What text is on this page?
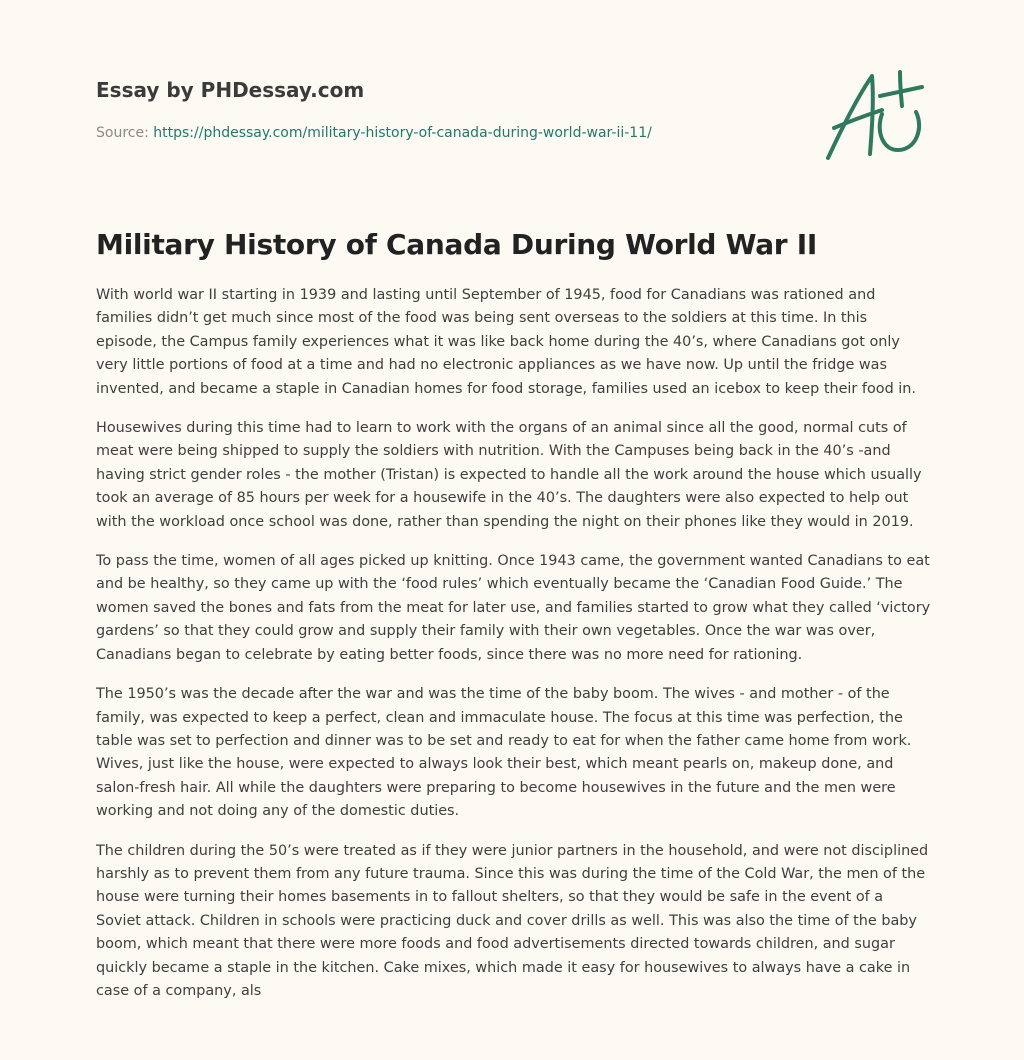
Essay by PHDessay.com
Source: https://phdessay.com/military-history-of-canada-during-world-war-ii-11/
Military History of Canada During World War II

With world war II starting in 1939 and lasting until September of 1945, food for Canadians was rationed and families didn’t get much since most of the food was being sent overseas to the soldiers at this time. In this episode, the Campus family experiences what it was like back home during the 40’s, where Canadians got only very little portions of food at a time and had no electronic appliances as we have now. Up until the fridge was invented, and became a staple in Canadian homes for food storage, families used an icebox to keep their food in.

Housewives during this time had to learn to work with the organs of an animal since all the good, normal cuts of meat were being shipped to supply the soldiers with nutrition. With the Campuses being back in the 40’s -and having strict gender roles - the mother (Tristan) is expected to handle all the work around the house which usually took an average of 85 hours per week for a housewife in the 40’s. The daughters were also expected to help out with the workload once school was done, rather than spending the night on their phones like they would in 2019.

To pass the time, women of all ages picked up knitting. Once 1943 came, the government wanted Canadians to eat and be healthy, so they came up with the ‘food rules’ which eventually became the ‘Canadian Food Guide.’ The women saved the bones and fats from the meat for later use, and families started to grow what they called ‘victory gardens’ so that they could grow and supply their family with their own vegetables. Once the war was over, Canadians began to celebrate by eating better foods, since there was no more need for rationing.

The 1950’s was the decade after the war and was the time of the baby boom. The wives - and mother - of the family, was expected to keep a perfect, clean and immaculate house. The focus at this time was perfection, the table was set to perfection and dinner was to be set and ready to eat for when the father came home from work. Wives, just like the house, were expected to always look their best, which meant pearls on, makeup done, and salon-fresh hair. All while the daughters were preparing to become housewives in the future and the men were working and not doing any of the domestic duties.

The children during the 50’s were treated as if they were junior partners in the household, and were not disciplined harshly as to prevent them from any future trauma. Since this was during the time of the Cold War, the men of the house were turning their homes basements in to fallout shelters, so that they would be safe in the event of a Soviet attack. Children in schools were practicing duck and cover drills as well. This was also the time of the baby boom, which meant that there were more foods and food advertisements directed towards children, and sugar quickly became a staple in the kitchen. Cake mixes, which made it easy for housewives to always have a cake in case of a company, als
